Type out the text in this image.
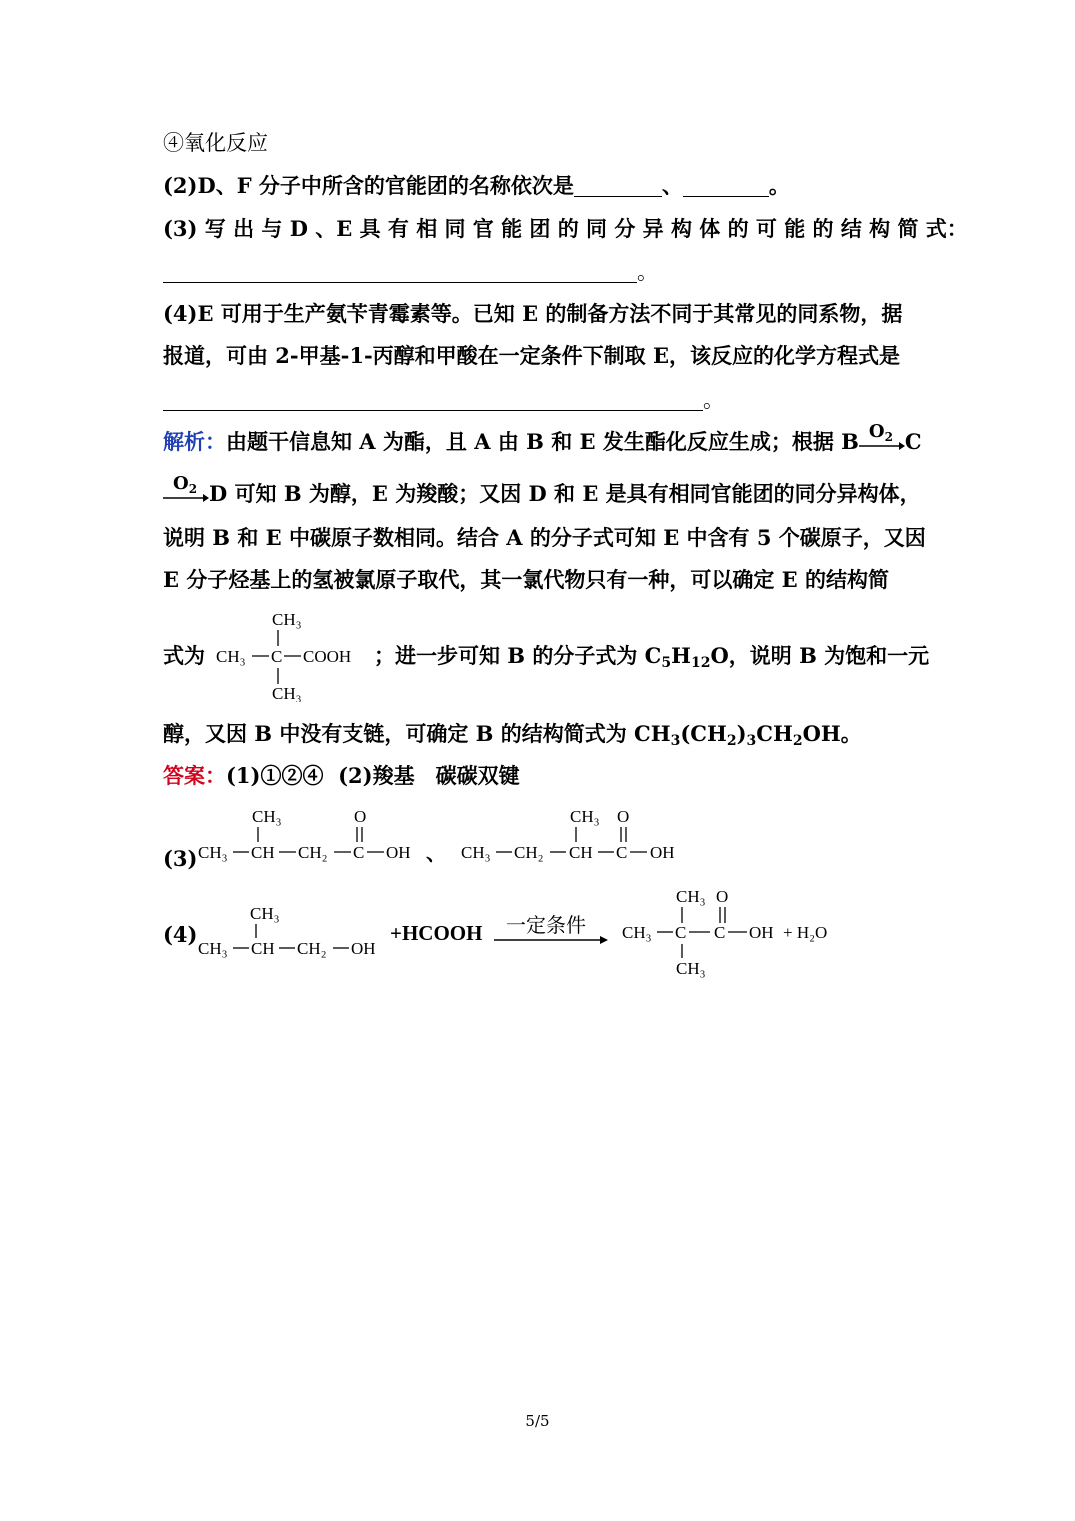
④氧化反应
(2)D、F 分子中所含的官能团的名称依次是	、	。
(3) 写 出 与 D 、E 具 有 相 同 官 能 团 的 同 分 异 构 体 的 可 能 的 结 构 简 式：
。
(4)E 可用于生产氨苄青霉素等。已知 E 的制备方法不同于其常见的同系物，据
报道，可由 2-甲基-1-丙醇和甲酸在一定条件下制取 E，该反应的化学方程式是
。
解析：由题干信息知 A 为酯，且 A 由 B 和 E 发生酯化反应生成；根据 B $O_2$ C
$O_2$ D 可知 B 为醇，E 为羧酸；又因 D 和 E 是具有相同官能团的同分异构体，
说明 B 和 E 中碳原子数相同。结合 A 的分子式可知 E 中含有 5 个碳原子，又因
E 分子烃基上的氢被氯原子取代，其一氯代物只有一种，可以确定 E 的结构简
式为
CH₃
CH₃ C COOH
CH₃
；进一步可知 B 的分子式为 $C_5H_{12}O$，说明 B 为饱和一元
醇，又因 B 中没有支链，可确定 B 的结构简式为 $CH_3(CH_2)_3CH_2OH$。
答案：(1)①②④ (2)羧基　碳碳双键
(3)
CH₃	O
CH₃ CH CH₂ C OH 、
CH₃ O
CH₃ CH₂ CH C OH
(4)
CH₃
CH₃ CH CH₂ OH
+HCOOH 一定条件
CH₃ O
CH₃ C C OH + H₂O
CH₃
5/5
